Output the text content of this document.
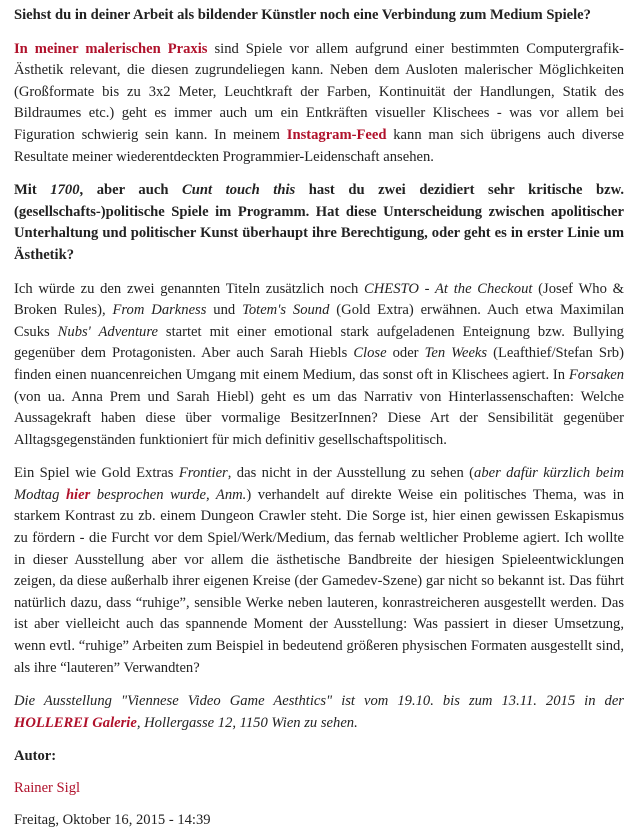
Siehst du in deiner Arbeit als bildender Künstler noch eine Verbindung zum Medium Spiele?

In meiner malerischen Praxis sind Spiele vor allem aufgrund einer bestimmten Computergrafik-Ästhetik relevant, die diesen zugrundeliegen kann. Neben dem Ausloten malerischer Möglichkeiten (Großformate bis zu 3x2 Meter, Leuchtkraft der Farben, Kontinuität der Handlungen, Statik des Bildraumes etc.) geht es immer auch um ein Entkräften visueller Klischees - was vor allem bei Figuration schwierig sein kann. In meinem Instagram-Feed kann man sich übrigens auch diverse Resultate meiner wiederentdeckten Programmier-Leidenschaft ansehen.

Mit 1700, aber auch Cunt touch this hast du zwei dezidiert sehr kritische bzw. (gesellschafts-)politische Spiele im Programm. Hat diese Unterscheidung zwischen apolitischer Unterhaltung und politischer Kunst überhaupt ihre Berechtigung, oder geht es in erster Linie um Ästhetik?

Ich würde zu den zwei genannten Titeln zusätzlich noch CHESTO - At the Checkout (Josef Who & Broken Rules), From Darkness und Totem's Sound (Gold Extra) erwähnen. Auch etwa Maximilan Csuks Nubs' Adventure startet mit einer emotional stark aufgeladenen Enteignung bzw. Bullying gegenüber dem Protagonisten. Aber auch Sarah Hiebls Close oder Ten Weeks (Leafthief/Stefan Srb) finden einen nuancenreichen Umgang mit einem Medium, das sonst oft in Klischees agiert. In Forsaken (von ua. Anna Prem und Sarah Hiebl) geht es um das Narrativ von Hinterlassenschaften: Welche Aussagekraft haben diese über vormalige BesitzerInnen? Diese Art der Sensibilität gegenüber Alltagsgegenständen funktioniert für mich definitiv gesellschaftspolitisch.

Ein Spiel wie Gold Extras Frontier, das nicht in der Ausstellung zu sehen (aber dafür kürzlich beim Modtag hier besprochen wurde, Anm.) verhandelt auf direkte Weise ein politisches Thema, was in starkem Kontrast zu zb. einem Dungeon Crawler steht. Die Sorge ist, hier einen gewissen Eskapismus zu fördern - die Furcht vor dem Spiel/Werk/Medium, das fernab weltlicher Probleme agiert. Ich wollte in dieser Ausstellung aber vor allem die ästhetische Bandbreite der hiesigen Spieleentwicklungen zeigen, da diese außerhalb ihrer eigenen Kreise (der Gamedev-Szene) gar nicht so bekannt ist. Das führt natürlich dazu, dass “ruhige”, sensible Werke neben lauteren, konrastreicheren ausgestellt werden. Das ist aber vielleicht auch das spannende Moment der Ausstellung: Was passiert in dieser Umsetzung, wenn evtl. “ruhige” Arbeiten zum Beispiel in bedeutend größeren physischen Formaten ausgestellt sind, als ihre “lauteren” Verwandten?

Die Ausstellung "Viennese Video Game Aesthtics" ist vom 19.10. bis zum 13.11. 2015 in der HOLLEREI Galerie, Hollergasse 12, 1150 Wien zu sehen.

Autor:

Rainer Sigl

Freitag, Oktober 16, 2015 - 14:39
